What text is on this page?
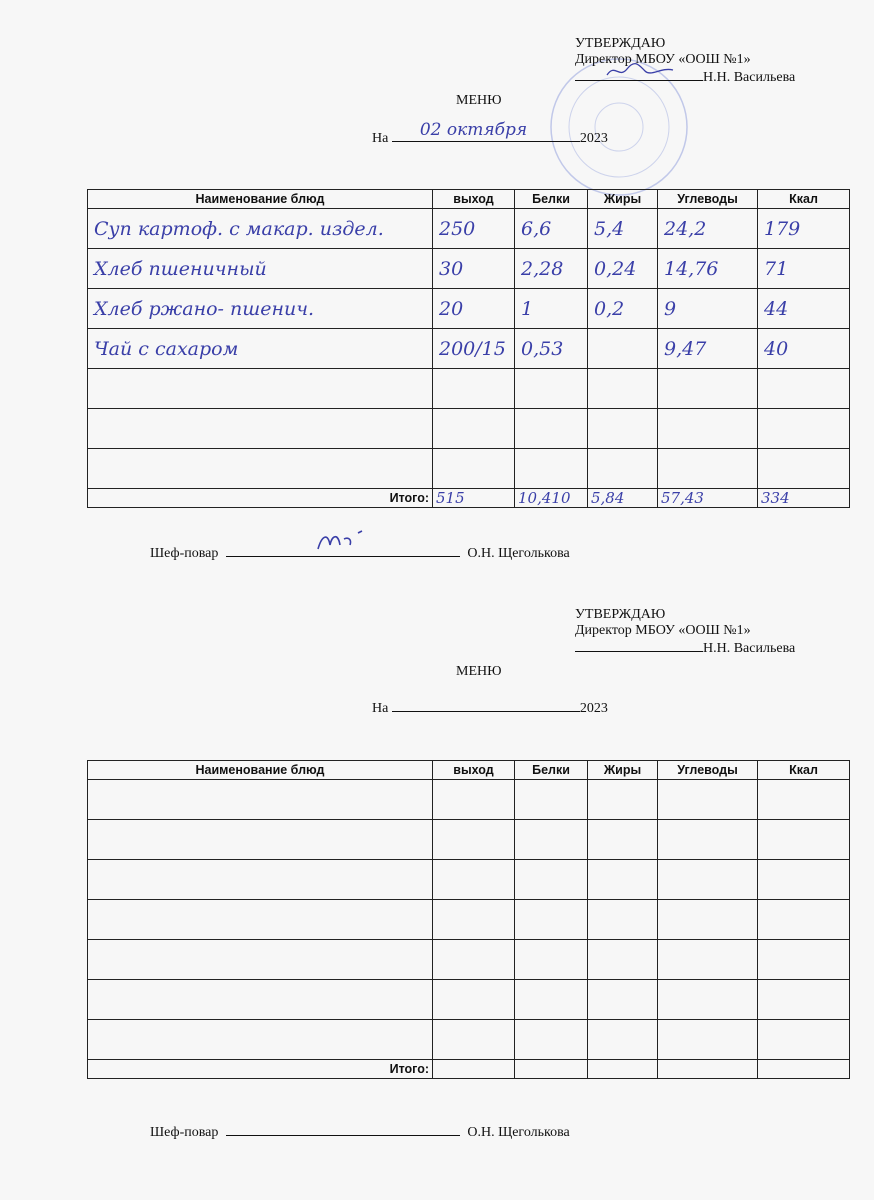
УТВЕРЖДАЮ
Директор МБОУ «ООШ №1»
Н.Н. Васильева
МЕНЮ
На 02 октября	2023
Наименование блюд	выход	Белки	Жиры	Углеводы	Ккал
Суп картоф. с макар. издел.	250	6,6	5,4	24,2	179
Хлеб пшеничный	30	2,28	0,24	14,76	71
Хлеб ржано- пшенич.	20	1	0,2	9	44
Чай с сахаром	200/15	0,53		9,47	40

Итого:	515	10,410	5,84	57,43	334
Шеф-повар	О.Н. Щеголькова
УТВЕРЖДАЮ
Директор МБОУ «ООШ №1»
Н.Н. Васильева
МЕНЮ
На	2023
Наименование блюд	выход	Белки	Жиры	Углеводы	Ккал

Итого:					
Шеф-повар	О.Н. Щеголькова
